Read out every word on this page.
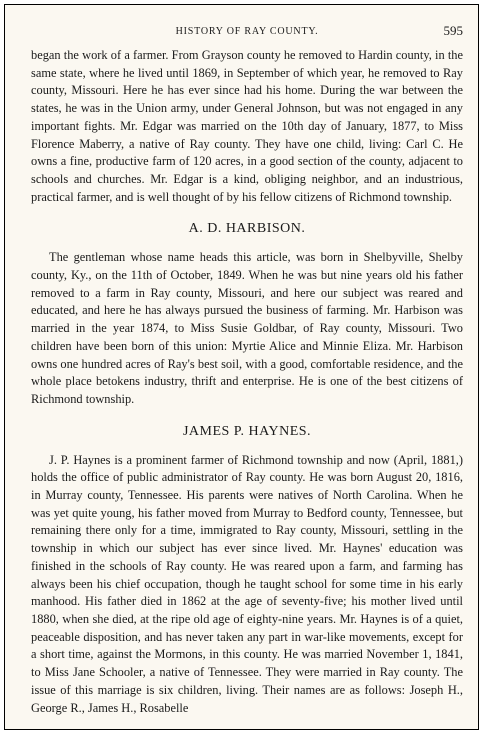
HISTORY OF RAY COUNTY.	595

began the work of a farmer. From Grayson county he removed to Hardin county, in the same state, where he lived until 1869, in September of which year, he removed to Ray county, Missouri. Here he has ever since had his home. During the war between the states, he was in the Union army, under General Johnson, but was not engaged in any important fights. Mr. Edgar was married on the 10th day of January, 1877, to Miss Florence Maberry, a native of Ray county. They have one child, living: Carl C. He owns a fine, productive farm of 120 acres, in a good section of the county, adjacent to schools and churches. Mr. Edgar is a kind, obliging neighbor, and an industrious, practical farmer, and is well thought of by his fellow citizens of Richmond township.

A. D. HARBISON.

The gentleman whose name heads this article, was born in Shelbyville, Shelby county, Ky., on the 11th of October, 1849. When he was but nine years old his father removed to a farm in Ray county, Missouri, and here our subject was reared and educated, and here he has always pursued the business of farming. Mr. Harbison was married in the year 1874, to Miss Susie Goldbar, of Ray county, Missouri. Two children have been born of this union: Myrtie Alice and Minnie Eliza. Mr. Harbison owns one hundred acres of Ray's best soil, with a good, comfortable residence, and the whole place betokens industry, thrift and enterprise. He is one of the best citizens of Richmond township.

JAMES P. HAYNES.

J. P. Haynes is a prominent farmer of Richmond township and now (April, 1881,) holds the office of public administrator of Ray county. He was born August 20, 1816, in Murray county, Tennessee. His parents were natives of North Carolina. When he was yet quite young, his father moved from Murray to Bedford county, Tennessee, but remaining there only for a time, immigrated to Ray county, Missouri, settling in the township in which our subject has ever since lived. Mr. Haynes' education was finished in the schools of Ray county. He was reared upon a farm, and farming has always been his chief occupation, though he taught school for some time in his early manhood. His father died in 1862 at the age of seventy-five; his mother lived until 1880, when she died, at the ripe old age of eighty-nine years. Mr. Haynes is of a quiet, peaceable disposition, and has never taken any part in war-like movements, except for a short time, against the Mormons, in this county. He was married November 1, 1841, to Miss Jane Schooler, a native of Tennessee. They were married in Ray county. The issue of this marriage is six children, living. Their names are as follows: Joseph H., George R., James H., Rosabelle
